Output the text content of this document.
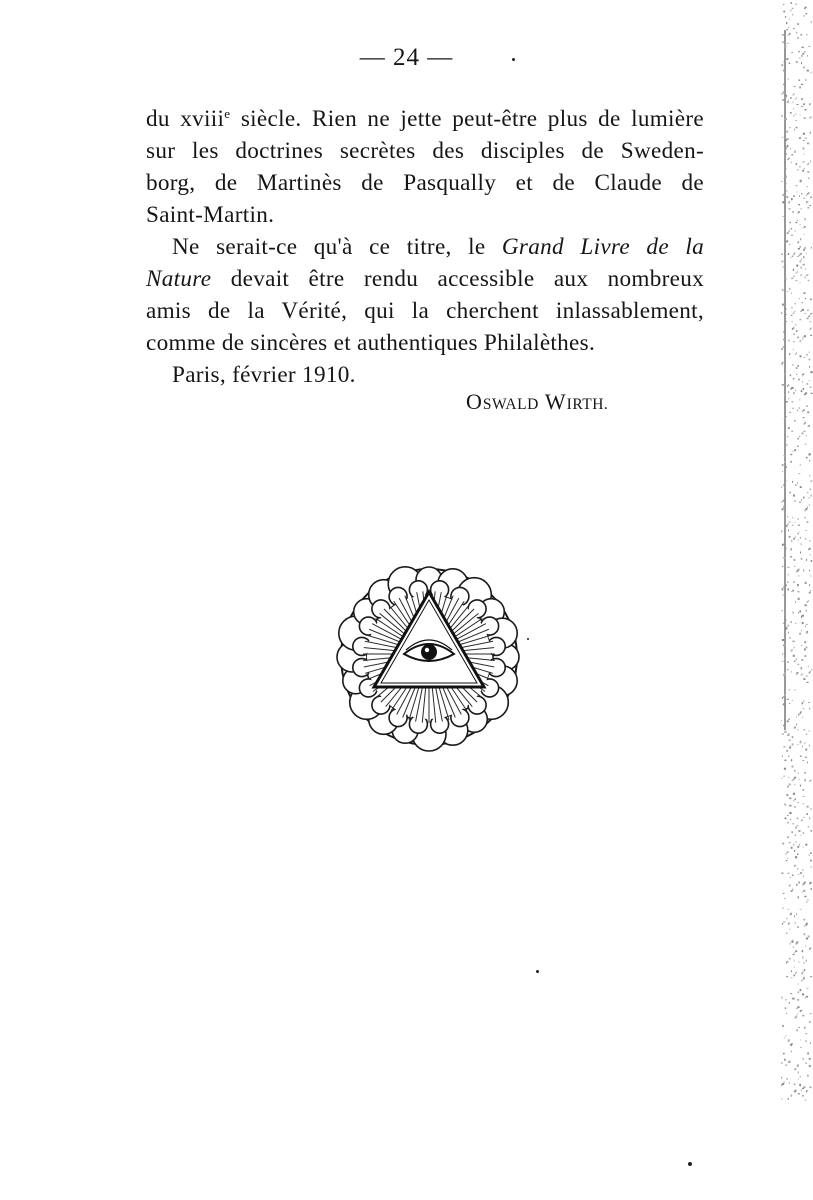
— 24 —
du xviii$^e$ siècle. Rien ne jette peut-être plus de lumière
sur les doctrines secrètes des disciples de Sweden-
borg, de Martinès de Pasqually et de Claude de
Saint-Martin.
Ne serait-ce qu'à ce titre, le Grand Livre de la
Nature devait être rendu accessible aux nombreux
amis de la Vérité, qui la cherchent inlassablement,
comme de sincères et authentiques Philalèthes.
Paris, février 1910.
OSWALD WIRTH.
